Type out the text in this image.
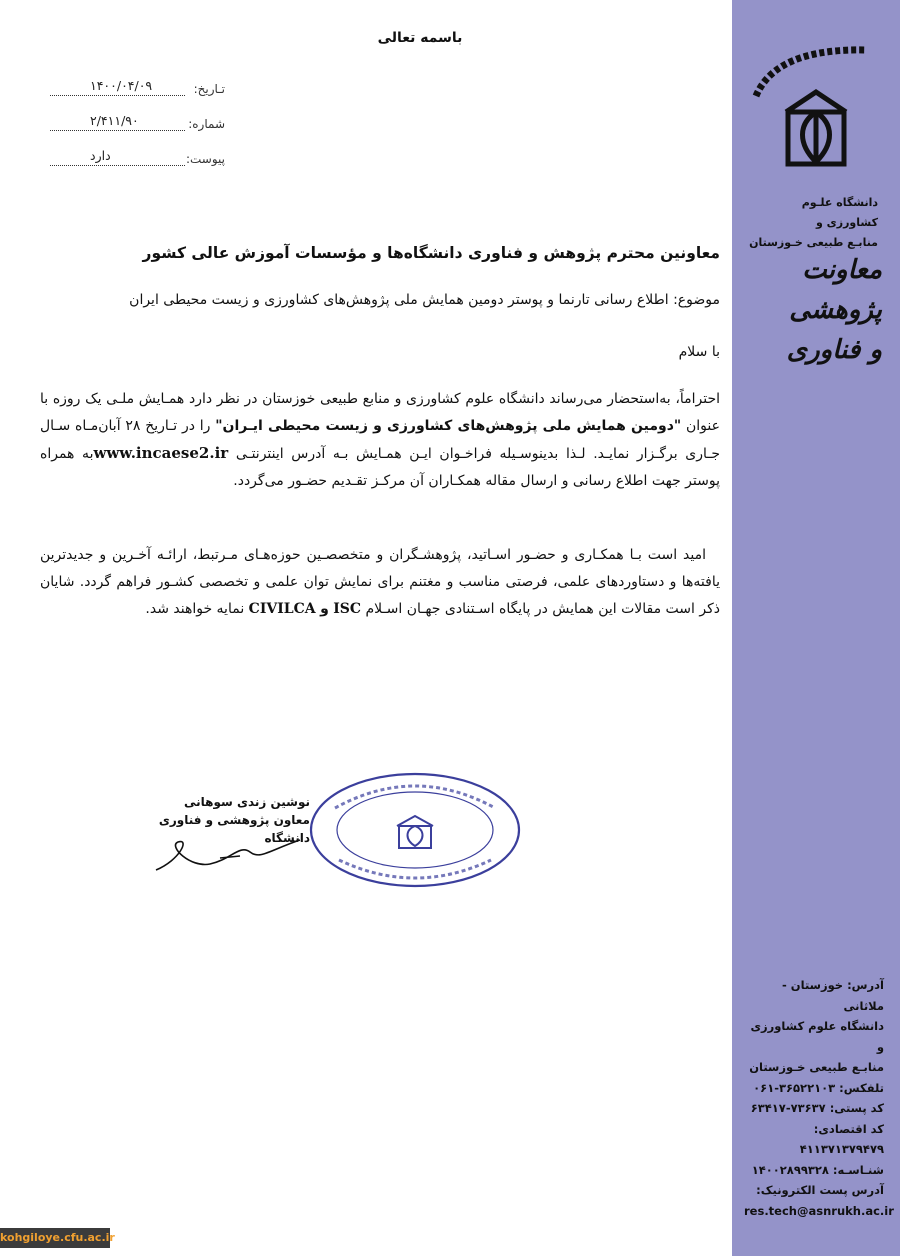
باسمه تعالی
تـاریخ:
۱۴۰۰/۰۴/۰۹
شماره:
۲/۴۱۱/۹۰
پیوست:
دارد
معاونین محترم پژوهش و فناوری دانشگاه‌ها و مؤسسات آموزش عالی کشور
موضوع: اطلاع رسانی تارنما و پوستر دومین همایش ملی پژوهش‌های کشاورزی و زیست محیطی ایران
با سلام
احتراماً، به‌استحضار می‌رساند دانشگاه علوم کشاورزی و منابع طبیعی خوزستان در نظر دارد همـایش ملـی یک روزه با عنوان "دومین همایش ملی پژوهش‌های کشاورزی و زیست محیطی ایـران" را در تـاریخ ۲۸ آبان‌مـاه سـال جـاری برگـزار نمایـد. لـذا بدینوسـیله فراخـوان ایـن همـایش بـه آدرس اینترنتـی www.incaese2.irبه همراه پوستر جهت اطلاع رسانی و ارسال مقاله همکـاران آن مرکـز تقـدیم حضـور می‌گردد.
امید است بـا همکـاری و حضـور اسـاتید، پژوهشـگران و متخصصـین حوزه‌هـای مـرتبط، ارائـه آخـرین و جدیدترین یافته‌ها و دستاوردهای علمی، فرصتی مناسب و مغتنم برای نمایش توان علمی و تخصصی کشـور فراهم گردد. شایان ذکر است مقالات این همایش در پایگاه اسـتنادی جهـان اسـلام ISC و CIVILCA نمایه خواهند شد.
نوشین زندی سوهانی
معاون پژوهشی و فناوری دانشگاه
دانشگاه علـوم کشاورزی و
منابـع طبیعی خـوزستان
معاونت پژوهشی
و فناوری
آدرس: خوزستان - ملاثانی
دانشگاه علوم کشاورزی و
منابـع طبیعی خـوزستان
تلفکس: ۳۶۵۲۲۱۰۳-۰۶۱
کد پستی: ۷۳۶۳۷-۶۳۴۱۷
کد اقتصادی: ۴۱۱۳۷۱۳۷۹۴۷۹
شنـاسـه: ۱۴۰۰۲۸۹۹۳۲۸
آدرس پست الکترونیک:
res.tech@asnrukh.ac.ir
kohgiloye.cfu.ac.ir
